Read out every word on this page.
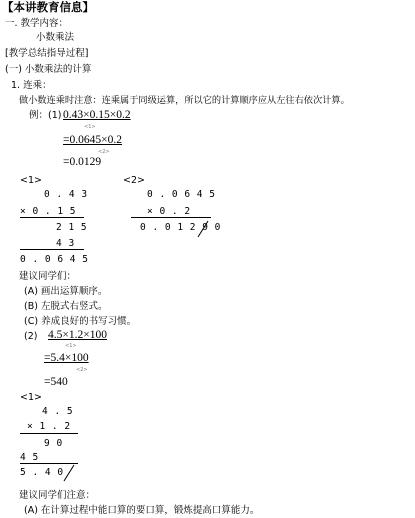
【本讲教育信息】
一. 教学内容：
小数乘法
[教学总结指导过程]
(一) 小数乘法的计算
1. 连乘：
做小数连乘时注意：连乘属于同级运算，所以它的计算顺序应从左往右依次计算。
例：(1) 0.43×0.15×0.2
<1>
=0.0645×0.2
<2>
=0.0129
<1>
0 . 4 3
× 0 . 1 5
2 1 5
4 3
0 . 0 6 4 5
<2>
0 . 0 6 4 5
× 0 . 2
0 . 0 1 2 9 0
建议同学们：
(A) 画出运算顺序。
(B) 左脱式右竖式。
(C) 养成良好的书写习惯。
(2) 4.5×1.2×100
<1>
=5.4×100
<2>
=540
<1>
4 . 5
× 1 . 2
9 0
4 5
5 . 4 0
建议同学们注意：
(A) 在计算过程中能口算的要口算，锻炼提高口算能力。
